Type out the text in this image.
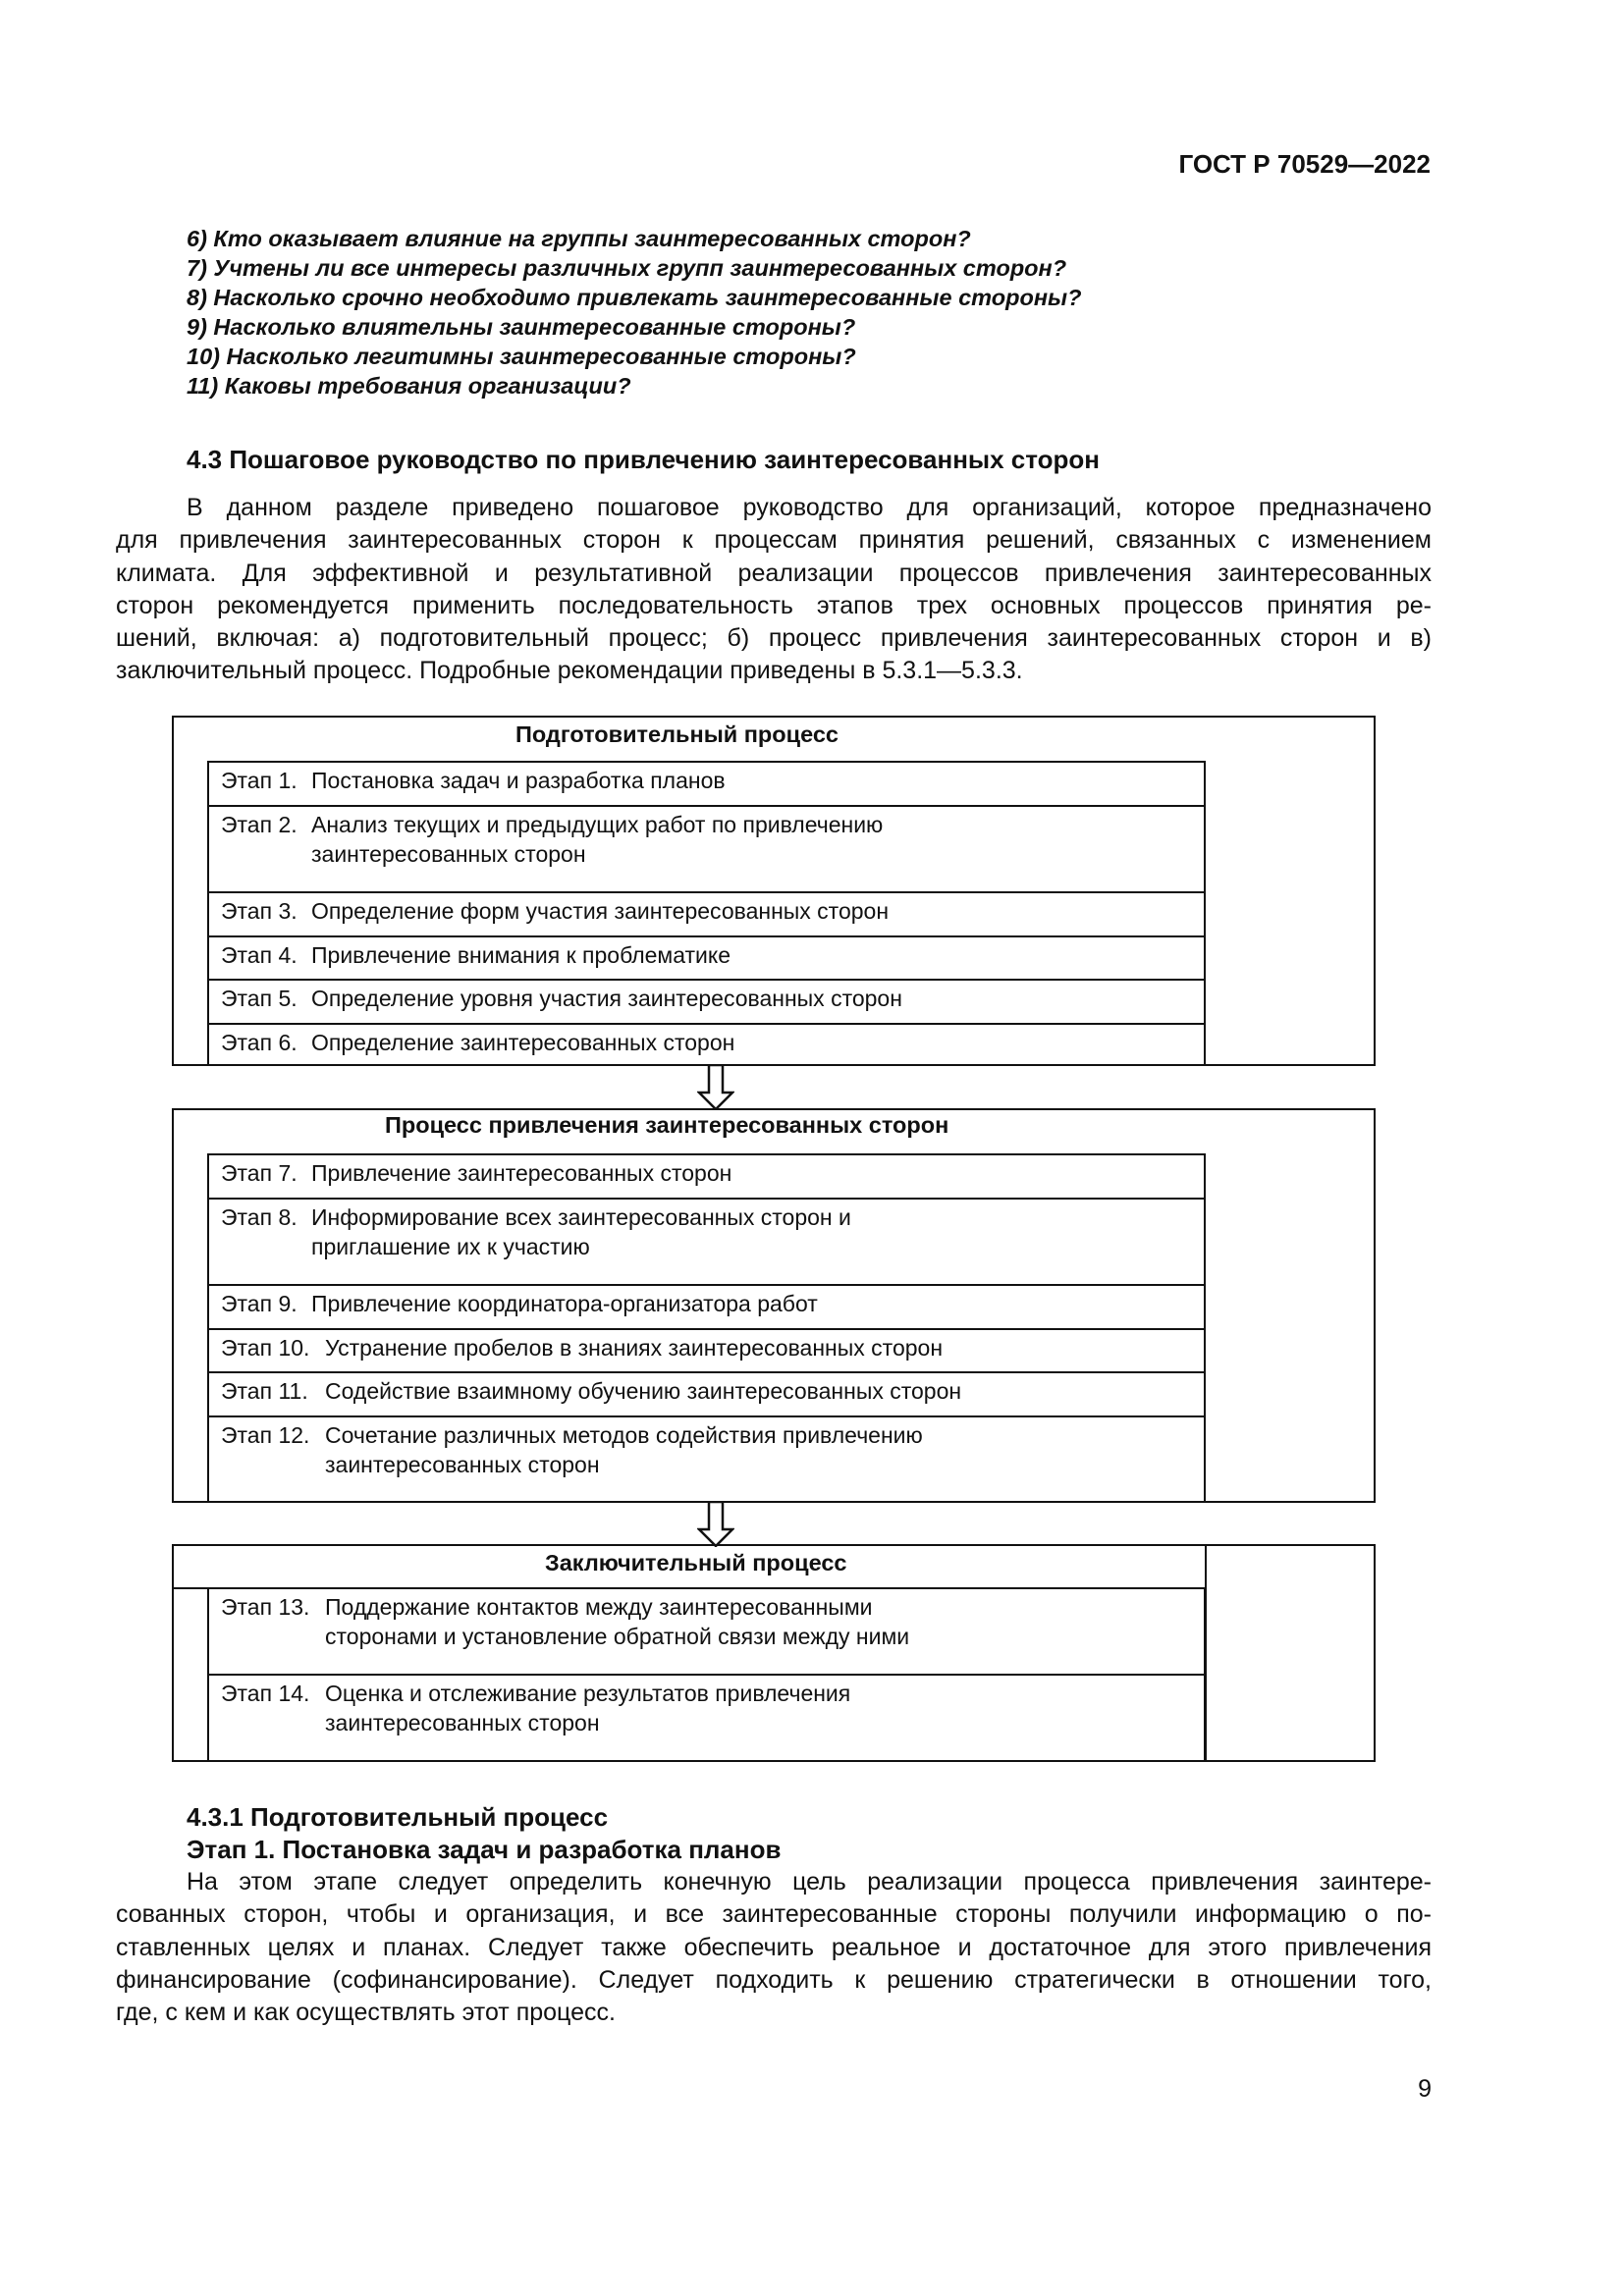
ГОСТ Р 70529—2022
6) Кто оказывает влияние на группы заинтересованных сторон?
7) Учтены ли все интересы различных групп заинтересованных сторон?
8) Насколько срочно необходимо привлекать заинтересованные стороны?
9) Насколько влиятельны заинтересованные стороны?
10) Насколько легитимны заинтересованные стороны?
11) Каковы требования организации?
4.3 Пошаговое руководство по привлечению заинтересованных сторон
В данном разделе приведено пошаговое руководство для организаций, которое предназначено
для привлечения заинтересованных сторон к процессам принятия решений, связанных с изменением
климата. Для эффективной и результативной реализации процессов привлечения заинтересованных
сторон рекомендуется применить последовательность этапов трех основных процессов принятия ре-
шений, включая: а) подготовительный процесс; б) процесс привлечения заинтересованных сторон и в)
заключительный процесс. Подробные рекомендации приведены в 5.3.1—5.3.3.
Подготовительный процесс
Этап 1. Постановка задач и разработка планов
Этап 2. Анализ текущих и предыдущих работ по привлечению
заинтересованных сторон
Этап 3. Определение форм участия заинтересованных сторон
Этап 4. Привлечение внимания к проблематике
Этап 5. Определение уровня участия заинтересованных сторон
Этап 6. Определение заинтересованных сторон
Процесс привлечения заинтересованных сторон
Этап 7. Привлечение заинтересованных сторон
Этап 8. Информирование всех заинтересованных сторон и
приглашение их к участию
Этап 9. Привлечение координатора-организатора работ
Этап 10. Устранение пробелов в знаниях заинтересованных сторон
Этап 11. Содействие взаимному обучению заинтересованных сторон
Этап 12. Сочетание различных методов содействия привлечению
заинтересованных сторон
Заключительный процесс
Этап 13. Поддержание контактов между заинтересованными
сторонами и установление обратной связи между ними
Этап 14. Оценка и отслеживание результатов привлечения
заинтересованных сторон
4.3.1 Подготовительный процесс
Этап 1. Постановка задач и разработка планов
На этом этапе следует определить конечную цель реализации процесса привлечения заинтере-
сованных сторон, чтобы и организация, и все заинтересованные стороны получили информацию о по-
ставленных целях и планах. Следует также обеспечить реальное и достаточное для этого привлечения
финансирование (софинансирование). Следует подходить к решению стратегически в отношении того,
где, с кем и как осуществлять этот процесс.
9
